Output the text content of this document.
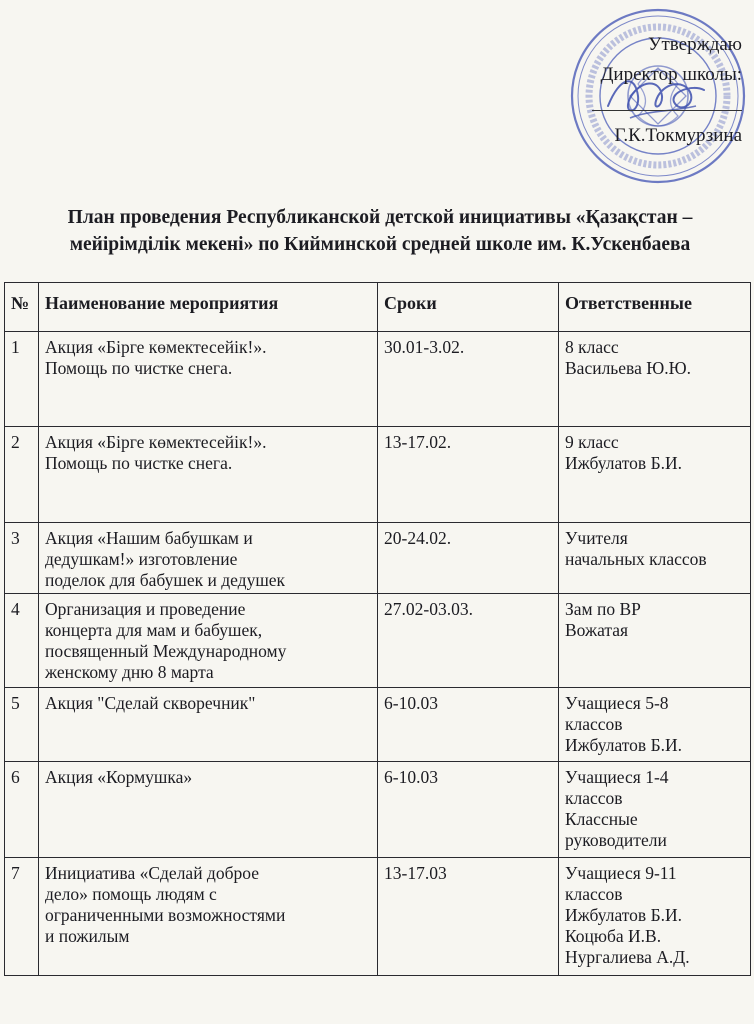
Утверждаю
Директор школы:
Г.К.Токмурзина
План проведения Республиканской детской инициативы «Қазақстан –
мейірімділік мекені» по Кийминской средней школе им. К.Ускенбаева
№	Наименование мероприятия	Сроки	Ответственные
1	Акция «Бірге көмектесейік!».
Помощь по чистке снега.	30.01-3.02.	8 класс
Васильева Ю.Ю.

2	Акция «Бірге көмектесейік!».
Помощь по чистке снега.	13-17.02.	9 класс
Ижбулатов Б.И.

3	Акция «Нашим бабушкам и
дедушкам!» изготовление
поделок для бабушек и дедушек	20-24.02.	Учителя
начальных классов

4	Организация и проведение
концерта для мам и бабушек,
посвященный Международному
женскому дню 8 марта	27.02-03.03.	Зам по ВР
Вожатая

5	Акция "Сделай скворечник"	6-10.03	Учащиеся 5-8
классов
Ижбулатов Б.И.

6	Акция «Кормушка»	6-10.03	Учащиеся 1-4
классов
Классные
руководители

7	Инициатива «Сделай доброе
дело» помощь людям с
ограниченными возможностями
и пожилым	13-17.03	Учащиеся 9-11
классов
Ижбулатов Б.И.
Коцюба И.В.
Нургалиева А.Д.
